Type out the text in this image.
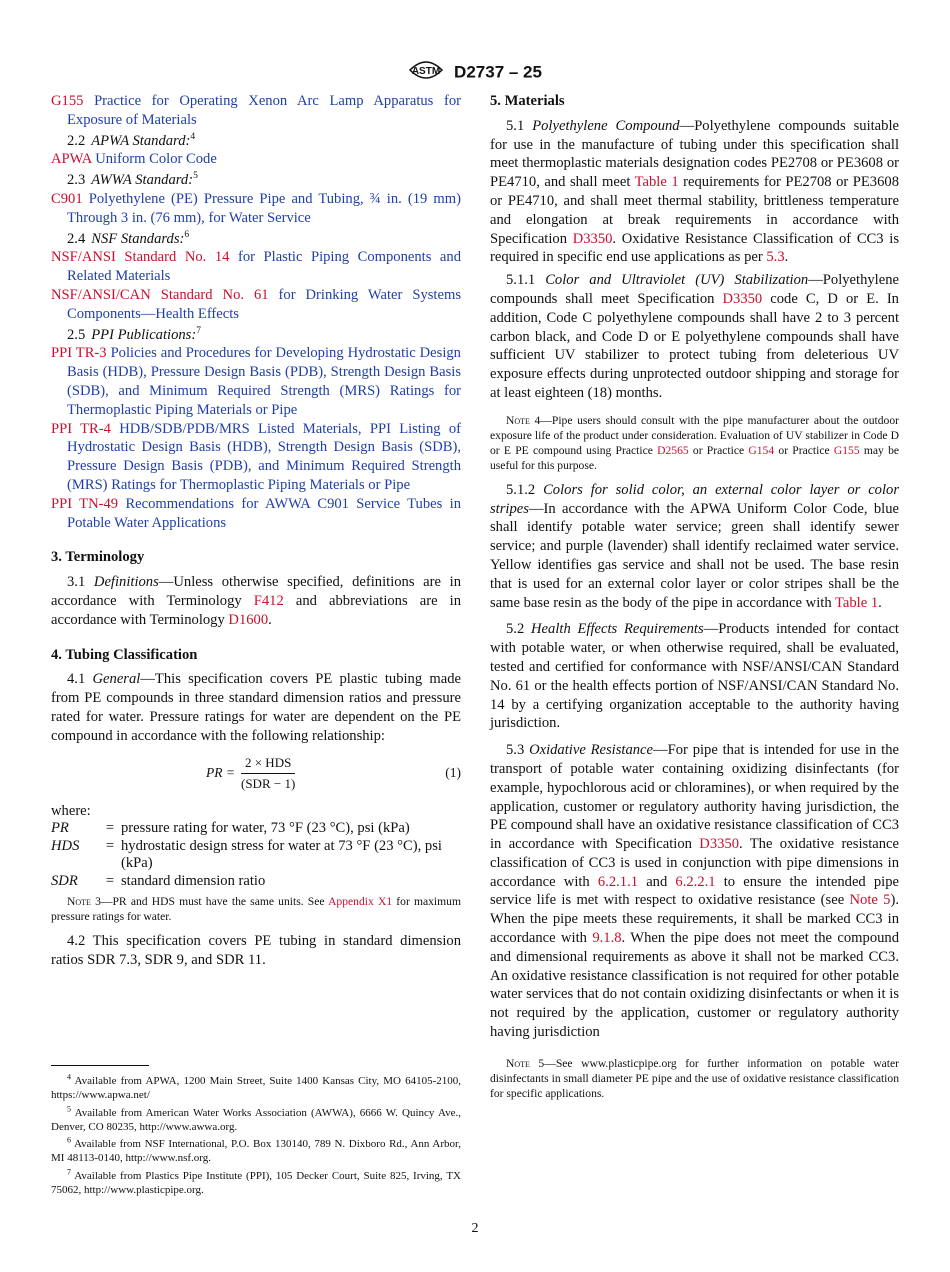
ASTM D2737 – 25

G155 Practice for Operating Xenon Arc Lamp Apparatus for Exposure of Materials

2.2 APWA Standard:$^4$

APWA Uniform Color Code

2.3 AWWA Standard:$^5$

C901 Polyethylene (PE) Pressure Pipe and Tubing, ¾ in. (19 mm) Through 3 in. (76 mm), for Water Service

2.4 NSF Standards:$^6$

NSF/ANSI Standard No. 14 for Plastic Piping Components and Related Materials

NSF/ANSI/CAN Standard No. 61 for Drinking Water Systems Components—Health Effects

2.5 PPI Publications:$^7$

PPI TR-3 Policies and Procedures for Developing Hydrostatic Design Basis (HDB), Pressure Design Basis (PDB), Strength Design Basis (SDB), and Minimum Required Strength (MRS) Ratings for Thermoplastic Piping Materials or Pipe

PPI TR-4 HDB/SDB/PDB/MRS Listed Materials, PPI Listing of Hydrostatic Design Basis (HDB), Strength Design Basis (SDB), Pressure Design Basis (PDB), and Minimum Required Strength (MRS) Ratings for Thermoplastic Piping Materials or Pipe

PPI TN-49 Recommendations for AWWA C901 Service Tubes in Potable Water Applications

3. Terminology

3.1 Definitions—Unless otherwise specified, definitions are in accordance with Terminology F412 and abbreviations are in accordance with Terminology D1600.

4. Tubing Classification

4.1 General—This specification covers PE plastic tubing made from PE compounds in three standard dimension ratios and pressure rated for water. Pressure ratings for water are dependent on the PE compound in accordance with the following relationship:

PR =
2 × HDS
(SDR − 1)
(1)

where:

PR	=	pressure rating for water, 73 °F (23 °C), psi (kPa)
HDS	=	hydrostatic design stress for water at 73 °F (23 °C), psi (kPa)
SDR	=	standard dimension ratio

Note 3—PR and HDS must have the same units. See Appendix X1 for maximum pressure ratings for water.

4.2 This specification covers PE tubing in standard dimension ratios SDR 7.3, SDR 9, and SDR 11.

$^4$ Available from APWA, 1200 Main Street, Suite 1400 Kansas City, MO 64105-2100, https://www.apwa.net/

$^5$ Available from American Water Works Association (AWWA), 6666 W. Quincy Ave., Denver, CO 80235, http://www.awwa.org.

$^6$ Available from NSF International, P.O. Box 130140, 789 N. Dixboro Rd., Ann Arbor, MI 48113-0140, http://www.nsf.org.

$^7$ Available from Plastics Pipe Institute (PPI), 105 Decker Court, Suite 825, Irving, TX 75062, http://www.plasticpipe.org.

5. Materials

5.1 Polyethylene Compound—Polyethylene compounds suitable for use in the manufacture of tubing under this specification shall meet thermoplastic materials designation codes PE2708 or PE3608 or PE4710, and shall meet Table 1 requirements for PE2708 or PE3608 or PE4710, and shall meet thermal stability, brittleness temperature and elongation at break requirements in accordance with Specification D3350. Oxidative Resistance Classification of CC3 is required in specific end use applications as per 5.3.

5.1.1 Color and Ultraviolet (UV) Stabilization—Polyethylene compounds shall meet Specification D3350 code C, D or E. In addition, Code C polyethylene compounds shall have 2 to 3 percent carbon black, and Code D or E polyethylene compounds shall have sufficient UV stabilizer to protect tubing from deleterious UV exposure effects during unprotected outdoor shipping and storage for at least eighteen (18) months.

Note 4—Pipe users should consult with the pipe manufacturer about the outdoor exposure life of the product under consideration. Evaluation of UV stabilizer in Code D or E PE compound using Practice D2565 or Practice G154 or Practice G155 may be useful for this purpose.

5.1.2 Colors for solid color, an external color layer or color stripes—In accordance with the APWA Uniform Color Code, blue shall identify potable water service; green shall identify sewer service; and purple (lavender) shall identify reclaimed water service. Yellow identifies gas service and shall not be used. The base resin that is used for an external color layer or color stripes shall be the same base resin as the body of the pipe in accordance with Table 1.

5.2 Health Effects Requirements—Products intended for contact with potable water, or when otherwise required, shall be evaluated, tested and certified for conformance with NSF/ANSI/CAN Standard No. 61 or the health effects portion of NSF/ANSI/CAN Standard No. 14 by a certifying organization acceptable to the authority having jurisdiction.

5.3 Oxidative Resistance—For pipe that is intended for use in the transport of potable water containing oxidizing disinfectants (for example, hypochlorous acid or chloramines), or when required by the application, customer or regulatory authority having jurisdiction, the PE compound shall have an oxidative resistance classification of CC3 in accordance with Specification D3350. The oxidative resistance classification of CC3 is used in conjunction with pipe dimensions in accordance with 6.2.1.1 and 6.2.2.1 to ensure the intended pipe service life is met with respect to oxidative resistance (see Note 5). When the pipe meets these requirements, it shall be marked CC3 in accordance with 9.1.8. When the pipe does not meet the compound and dimensional requirements as above it shall not be marked CC3. An oxidative resistance classification is not required for other potable water services that do not contain oxidizing disinfectants or when it is not required by the application, customer or regulatory authority having jurisdiction

Note 5—See www.plasticpipe.org for further information on potable water disinfectants in small diameter PE pipe and the use of oxidative resistance classification for specific applications.

2
